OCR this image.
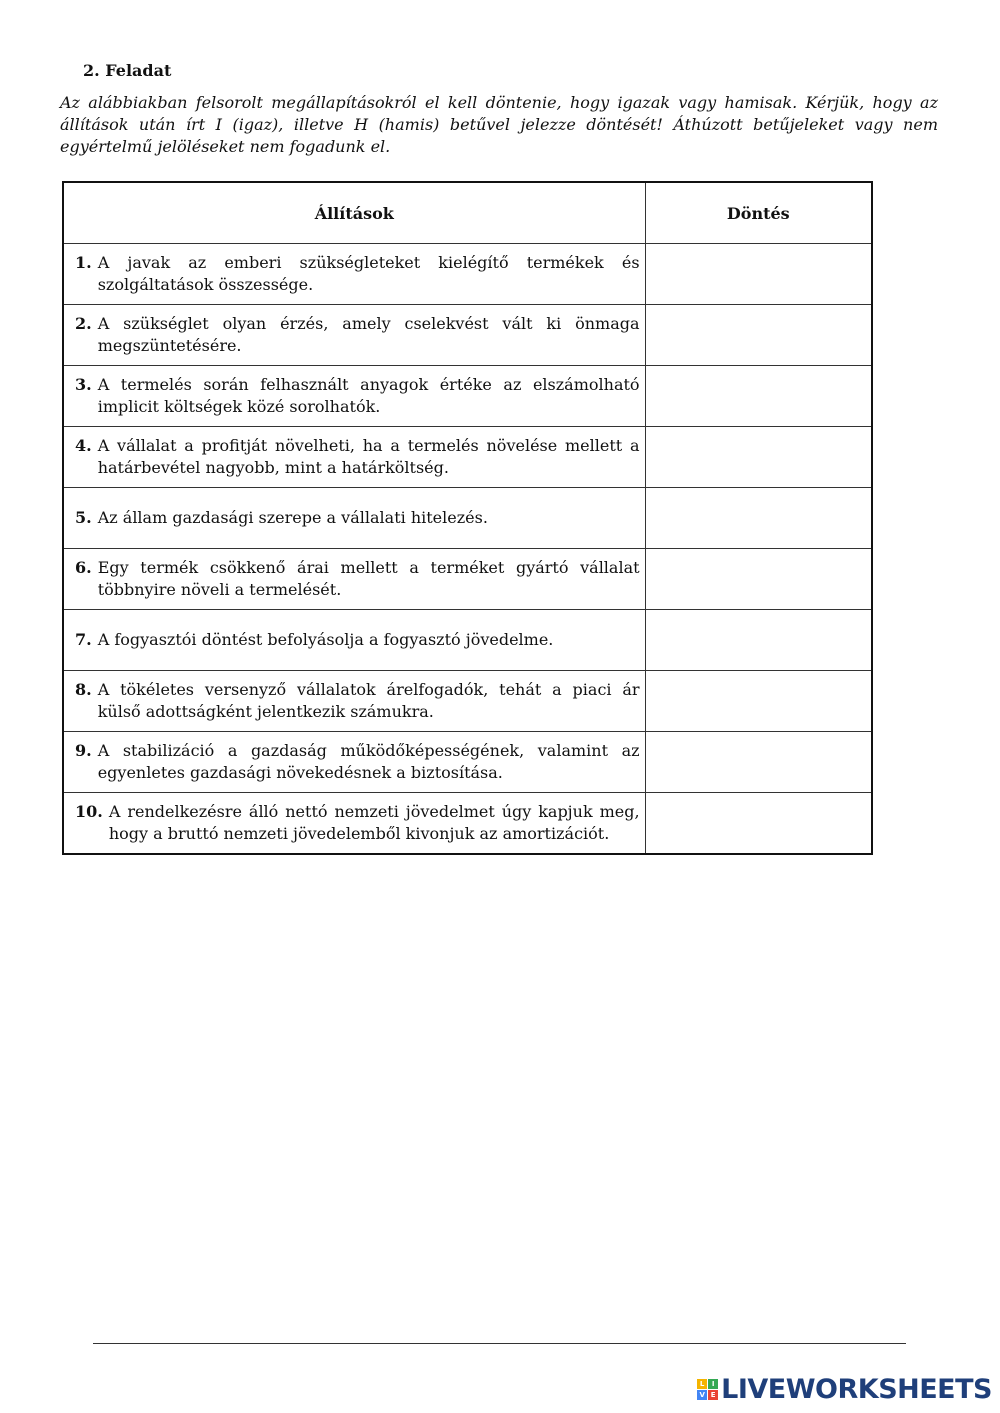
2. Feladat
Az alábbiakban felsorolt megállapításokról el kell döntenie, hogy igazak vagy hamisak. Kérjük, hogy az állítások után írt I (igaz), illetve H (hamis) betűvel jelezze döntését! Áthúzott betűjeleket vagy nem egyértelmű jelöléseket nem fogadunk el.
Állítások	Döntés

1. A javak az emberi szükségleteket kielégítő termékek és szolgáltatások összessége.	

2. A szükséglet olyan érzés, amely cselekvést vált ki önmaga megszüntetésére.	

3. A termelés során felhasznált anyagok értéke az elszámolható implicit költségek közé sorolhatók.	

4. A vállalat a profitját növelheti, ha a termelés növelése mellett a határbevétel nagyobb, mint a határköltség.	

5. Az állam gazdasági szerepe a vállalati hitelezés.	

6. Egy termék csökkenő árai mellett a terméket gyártó vállalat többnyire növeli a termelését.	

7. A fogyasztói döntést befolyásolja a fogyasztó jövedelme.	

8. A tökéletes versenyző vállalatok árelfogadók, tehát a piaci ár külső adottságként jelentkezik számukra.	

9. A stabilizáció a gazdaság működőképességének, valamint az egyenletes gazdasági növekedésnek a biztosítása.	

10. A rendelkezésre álló nettó nemzeti jövedelmet úgy kapjuk meg, hogy a bruttó nemzeti jövedelemből kivonjuk az amortizációt.	

L	I
V E LIVEWORKSHEETS
